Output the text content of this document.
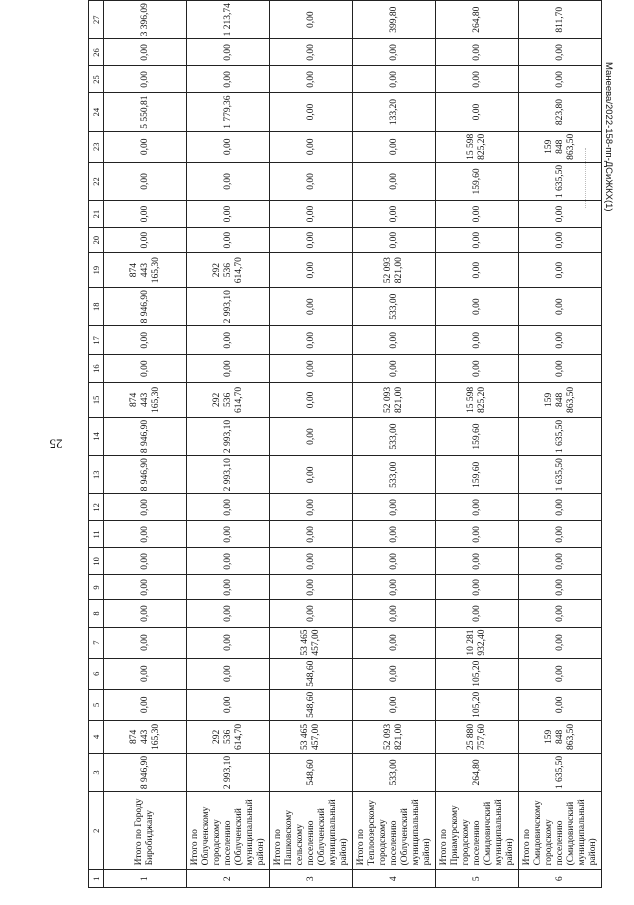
25
1	2	3	4	5	6	7	8	9	10	11	12	13	14	15	16	17	18	19	20	21	22	23	24	25	26	27
1	Итого по Городу Биробиджану	8 946,90	874 443 165,30	0,00	0,00	0,00	0,00	0,00	0,00	0,00	0,00	8 946,90	8 946,90	874 443 165,30	0,00	0,00	8 946,90	874 443 165,30	0,00	0,00	0,00	0,00	5 550,81	0,00	0,00	3 396,09
2	Итого по Облученскому городскому поселению (Облученский муниципальный район)	2 993,10	292 536 614,70	0,00	0,00	0,00	0,00	0,00	0,00	0,00	0,00	2 993,10	2 993,10	292 536 614,70	0,00	0,00	2 993,10	292 536 614,70	0,00	0,00	0,00	0,00	1 779,36	0,00	0,00	1 213,74
3	Итого по Пашковскому сельскому поселению (Облученский муниципальный район)	548,60	53 465 457,00	548,60	548,60	53 465 457,00	0,00	0,00	0,00	0,00	0,00	0,00	0,00	0,00	0,00	0,00	0,00	0,00	0,00	0,00	0,00	0,00	0,00	0,00	0,00	0,00
4	Итого по Теплоозерскому городскому поселению (Облученский муниципальный район)	533,00	52 093 821,00	0,00	0,00	0,00	0,00	0,00	0,00	0,00	0,00	533,00	533,00	52 093 821,00	0,00	0,00	533,00	52 093 821,00	0,00	0,00	0,00	0,00	133,20	0,00	0,00	399,80
5	Итого по Приамурскому городскому поселению (Смидовичский муниципальный район)	264,80	25 880 757,60	105,20	105,20	10 281 932,40	0,00	0,00	0,00	0,00	0,00	159,60	159,60	15 598 825,20	0,00	0,00	0,00	0,00	0,00	0,00	159,60	15 598 825,20	0,00	0,00	0,00	264,80
6	Итого по Смидовичскому городскому поселению (Смидовичский муниципальный район)	1 635,50	159 848 863,50	0,00	0,00	0,00	0,00	0,00	0,00	0,00	0,00	1 635,50	1 635,50	159 848 863,50	0,00	0,00	0,00	0,00	0,00	0,00	1 635,50	159 848 863,50	823,80	0,00	0,00	811,70
Манеева/2022-158-пп-ДСиЖКХ(1)
